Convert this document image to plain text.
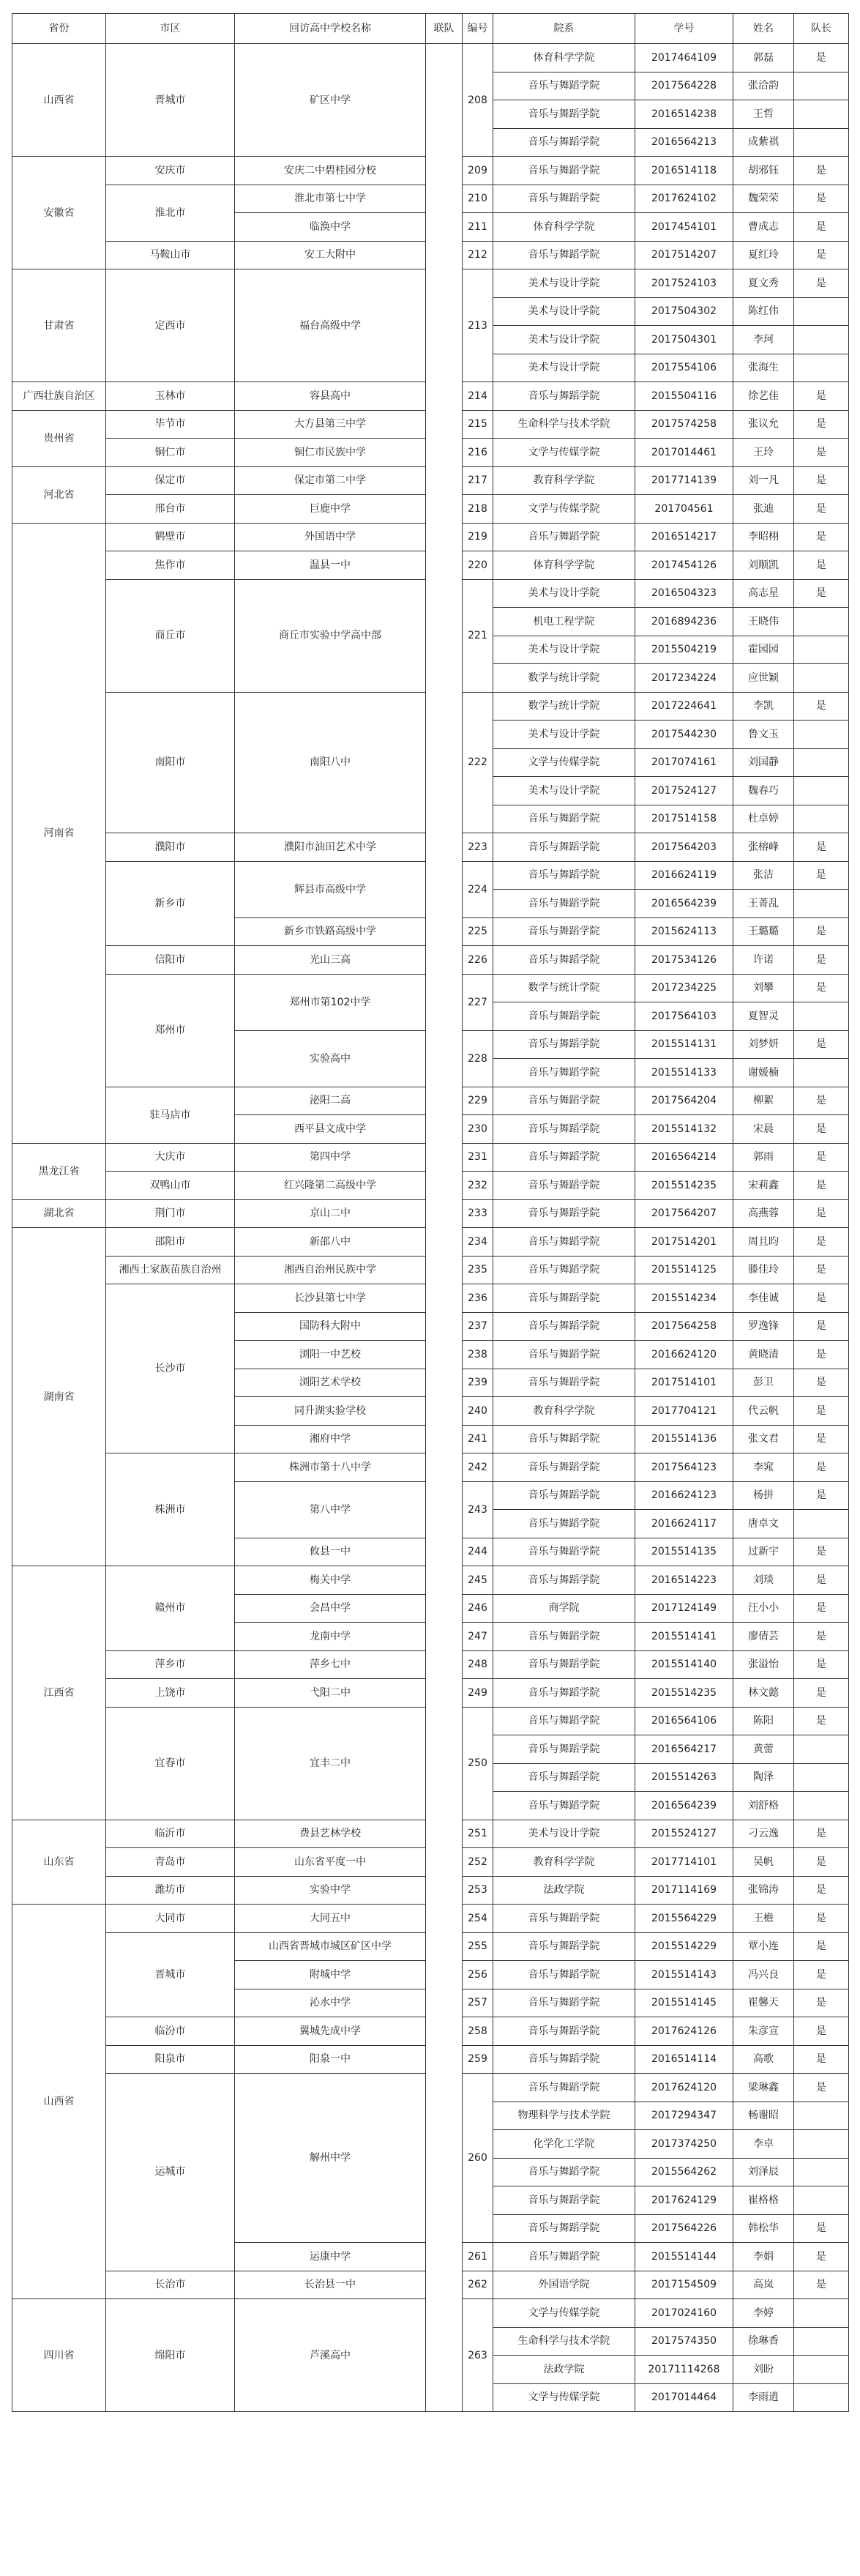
省份	市区	回访高中学校名称	联队	编号	院系	学号	姓名	队长
山西省	晋城市	矿区中学		208	体育科学学院	2017464109	郭磊	是
					音乐与舞蹈学院	2017564228	张洽韵	
					音乐与舞蹈学院	2016514238	王哲	
					音乐与舞蹈学院	2016564213	成紫祺	
安徽省	安庆市	安庆二中碧桂园分校		209	音乐与舞蹈学院	2016514118	胡邪钰	是
	淮北市	淮北市第七中学		210	音乐与舞蹈学院	2017624102	魏荣荣	是
		临涣中学		211	体育科学学院	2017454101	曹成志	是
	马鞍山市	安工大附中		212	音乐与舞蹈学院	2017514207	夏红玲	是
甘肃省	定西市	福台高级中学		213	美术与设计学院	2017524103	夏文秀	是
					美术与设计学院	2017504302	陈红伟	
					美术与设计学院	2017504301	李珂	
					美术与设计学院	2017554106	张海生	
广西壮族自治区	玉林市	容县高中		214	音乐与舞蹈学院	2015504116	徐艺佳	是
贵州省	毕节市	大方县第三中学		215	生命科学与技术学院	2017574258	张议允	是
	铜仁市	铜仁市民族中学		216	文学与传媒学院	2017014461	王玲	是
河北省	保定市	保定市第二中学		217	教育科学学院	2017714139	刘一凡	是
	邢台市	巨鹿中学		218	文学与传媒学院	201704561	张迪	是
河南省	鹤壁市	外国语中学		219	音乐与舞蹈学院	2016514217	李昭栩	是
	焦作市	温县一中		220	体育科学学院	2017454126	刘顺凯	是
	商丘市	商丘市实验中学高中部		221	美术与设计学院	2016504323	高志星	是
					机电工程学院	2016894236	王晓伟	
					美术与设计学院	2015504219	霍园园	
					数学与统计学院	2017234224	应世颖	
	南阳市	南阳八中		222	数学与统计学院	2017224641	李凯	是
					美术与设计学院	2017544230	鲁文玉	
					文学与传媒学院	2017074161	刘国静	
					美术与设计学院	2017524127	魏春巧	
					音乐与舞蹈学院	2017514158	杜卓婷	
	濮阳市	濮阳市油田艺术中学		223	音乐与舞蹈学院	2017564203	张榕峰	是
	新乡市	辉县市高级中学		224	音乐与舞蹈学院	2016624119	张洁	是
					音乐与舞蹈学院	2016564239	王菁乱	
		新乡市铁路高级中学		225	音乐与舞蹈学院	2015624113	王璐璐	是
	信阳市	光山三高		226	音乐与舞蹈学院	2017534126	许诺	是
	郑州市	郑州市第102中学		227	数学与统计学院	2017234225	刘攀	是
					音乐与舞蹈学院	2017564103	夏智灵	
		实验高中		228	音乐与舞蹈学院	2015514131	刘梦妍	是
					音乐与舞蹈学院	2015514133	谢媛楠	
	驻马店市	泌阳二高		229	音乐与舞蹈学院	2017564204	柳絮	是
		西平县文成中学		230	音乐与舞蹈学院	2015514132	宋晨	是
黑龙江省	大庆市	第四中学		231	音乐与舞蹈学院	2016564214	郭雨	是
	双鸭山市	红兴隆第二高级中学		232	音乐与舞蹈学院	2015514235	宋莉鑫	是
湖北省	荆门市	京山二中		233	音乐与舞蹈学院	2017564207	高燕蓉	是
湖南省	邵阳市	新邵八中		234	音乐与舞蹈学院	2017514201	周且昀	是
	湘西土家族苗族自治州	湘西自治州民族中学		235	音乐与舞蹈学院	2015514125	滕佳玲	是
	长沙市	长沙县第七中学		236	音乐与舞蹈学院	2015514234	李佳诚	是
		国防科大附中		237	音乐与舞蹈学院	2017564258	罗逸锋	是
		浏阳一中艺校		238	音乐与舞蹈学院	2016624120	黄晓清	是
		浏阳艺术学校		239	音乐与舞蹈学院	2017514101	彭卫	是
		同升湖实验学校		240	教育科学学院	2017704121	代云帆	是
		湘府中学		241	音乐与舞蹈学院	2015514136	张文君	是
	株洲市	株洲市第十八中学		242	音乐与舞蹈学院	2017564123	李窕	是
		第八中学		243	音乐与舞蹈学院	2016624123	杨拼	是
					音乐与舞蹈学院	2016624117	唐卓文	
		攸县一中		244	音乐与舞蹈学院	2015514135	过新宇	是
江西省	赣州市	梅关中学		245	音乐与舞蹈学院	2016514223	刘琰	是
		会昌中学		246	商学院	2017124149	汪小小	是
		龙南中学		247	音乐与舞蹈学院	2015514141	廖倩芸	是
	萍乡市	萍乡七中		248	音乐与舞蹈学院	2015514140	张溢怡	是
	上饶市	弋阳二中		249	音乐与舞蹈学院	2015514235	林文懿	是
	宜春市	宜丰二中		250	音乐与舞蹈学院	2016564106	陈阳	是
					音乐与舞蹈学院	2016564217	黄蕾	
					音乐与舞蹈学院	2015514263	陶泽	
					音乐与舞蹈学院	2016564239	刘舒格	
山东省	临沂市	费县艺林学校		251	美术与设计学院	2015524127	刁云逸	是
	青岛市	山东省平度一中		252	教育科学学院	2017714101	吴帆	是
	潍坊市	实验中学		253	法政学院	2017114169	张锦涛	是
山西省	大同市	大同五中		254	音乐与舞蹈学院	2015564229	王檐	是
	晋城市	山西省晋城市城区矿区中学		255	音乐与舞蹈学院	2015514229	覃小连	是
		附城中学		256	音乐与舞蹈学院	2015514143	冯兴良	是
		沁水中学		257	音乐与舞蹈学院	2015514145	崔馨天	是
	临汾市	翼城先成中学		258	音乐与舞蹈学院	2017624126	朱彦宣	是
	阳泉市	阳泉一中		259	音乐与舞蹈学院	2016514114	高歌	是
	运城市	解州中学		260	音乐与舞蹈学院	2017624120	梁琳鑫	是
					物理科学与技术学院	2017294347	畅谢昭	
					化学化工学院	2017374250	李卓	
					音乐与舞蹈学院	2015564262	刘泽辰	
					音乐与舞蹈学院	2017624129	崔格格	
					音乐与舞蹈学院	2017564226	韩松华	是
		运康中学		261	音乐与舞蹈学院	2015514144	李娟	是
	长治市	长治县一中		262	外国语学院	2017154509	高岚	是
四川省	绵阳市	芦溪高中		263	文学与传媒学院	2017024160	李婷	
					生命科学与技术学院	2017574350	徐琳香	
					法政学院	20171114268	刘盼	
					文学与传媒学院	2017014464	李雨逍	
